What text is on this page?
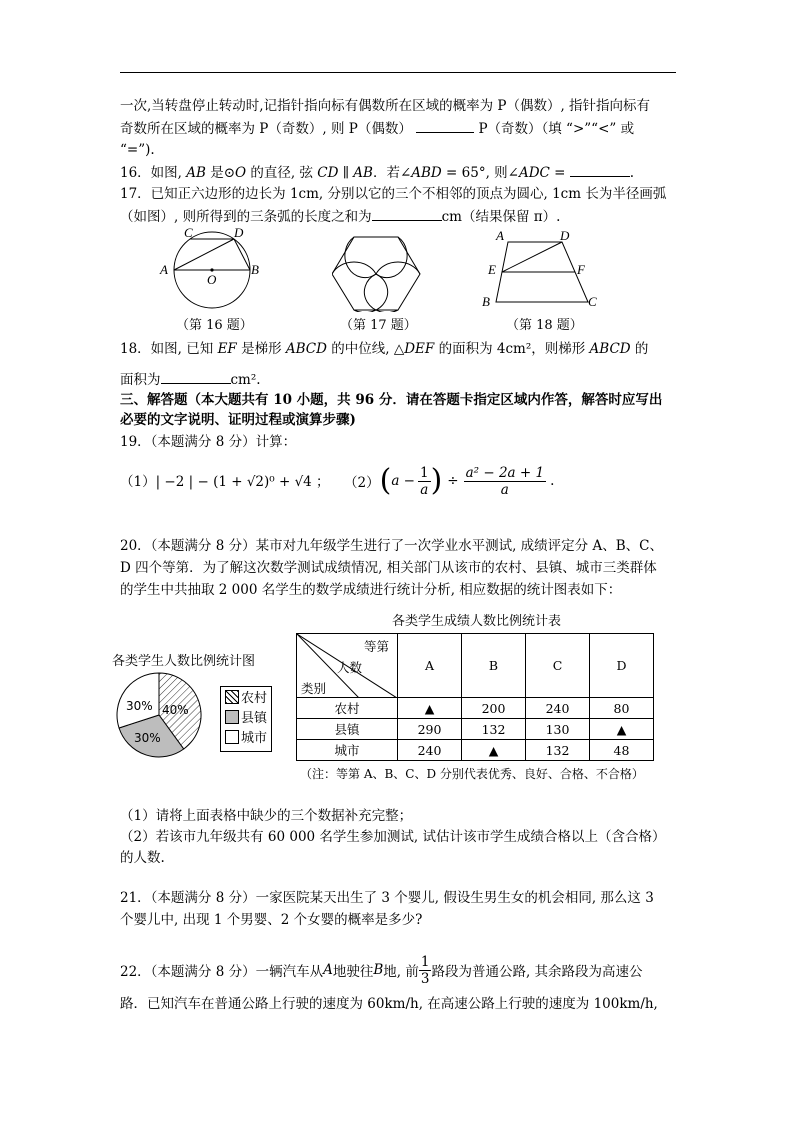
一次,当转盘停止转动时,记指针指向标有偶数所在区域的概率为 P（偶数）, 指针指向标有
奇数所在区域的概率为 P（奇数）, 则 P（偶数）	P（奇数）（填 “>”“<” 或
“=”).
16．如图, AB 是⊙O 的直径, 弦 CD ∥ AB．若∠ABD = 65°, 则∠ADC =	.
17．已知正六边形的边长为 1cm, 分别以它的三个不相邻的顶点为圆心, 1cm 长为半径画弧
（如图）, 则所得到的三条弧的长度之和为	cm（结果保留 π）.
C	D
A
O
B
（第 16 题）	（第 17 题）
A	D
E	F
B	C
（第 18 题）
18．如图, 已知 EF 是梯形 ABCD 的中位线, △DEF 的面积为 4cm²，则梯形 ABCD 的
面积为	cm².
三、解答题（本大题共有 10 小题，共 96 分．请在答题卡指定区域内作答，解答时应写出
必要的文字说明、证明过程或演算步骤)
19．（本题满分 8 分）计算：
（1）| −2 | − (1 + √2)⁰ + √4 ； （2） ( $a - \frac{1}{a}$ ) ÷ $\frac{\text{a² − 2a + 1}}{a}$ .
20．（本题满分 8 分）某市对九年级学生进行了一次学业水平测试, 成绩评定分 A、B、C、
D 四个等第．为了解这次数学测试成绩情况, 相关部门从该市的农村、县镇、城市三类群体
的学生中共抽取 2 000 名学生的数学成绩进行统计分析, 相应数据的统计图表如下：
各类学生人数比例统计图
40%
30%
30%	农村
县镇
城市
各类学生成绩人数比例统计表
等第
人数
类别	A	B	C	D
农村	▲	200	240	80
县镇	290	132	130	▲
城市	240	▲	132	48
（注：等第 A、B、C、D 分别代表优秀、良好、合格、不合格）
（1）请将上面表格中缺少的三个数据补充完整；
（2）若该市九年级共有 60 000 名学生参加测试, 试估计该市学生成绩合格以上（含合格）
的人数.
21．（本题满分 8 分）一家医院某天出生了 3 个婴儿, 假设生男生女的机会相同, 那么这 3
个婴儿中, 出现 1 个男婴、2 个女婴的概率是多少?
22．（本题满分 8 分）一辆汽车从 A 地驶往 B 地, 前 $\frac{1}{3}$ 路段为普通公路, 其余路段为高速公
路．已知汽车在普通公路上行驶的速度为 60km/h, 在高速公路上行驶的速度为 100km/h,
